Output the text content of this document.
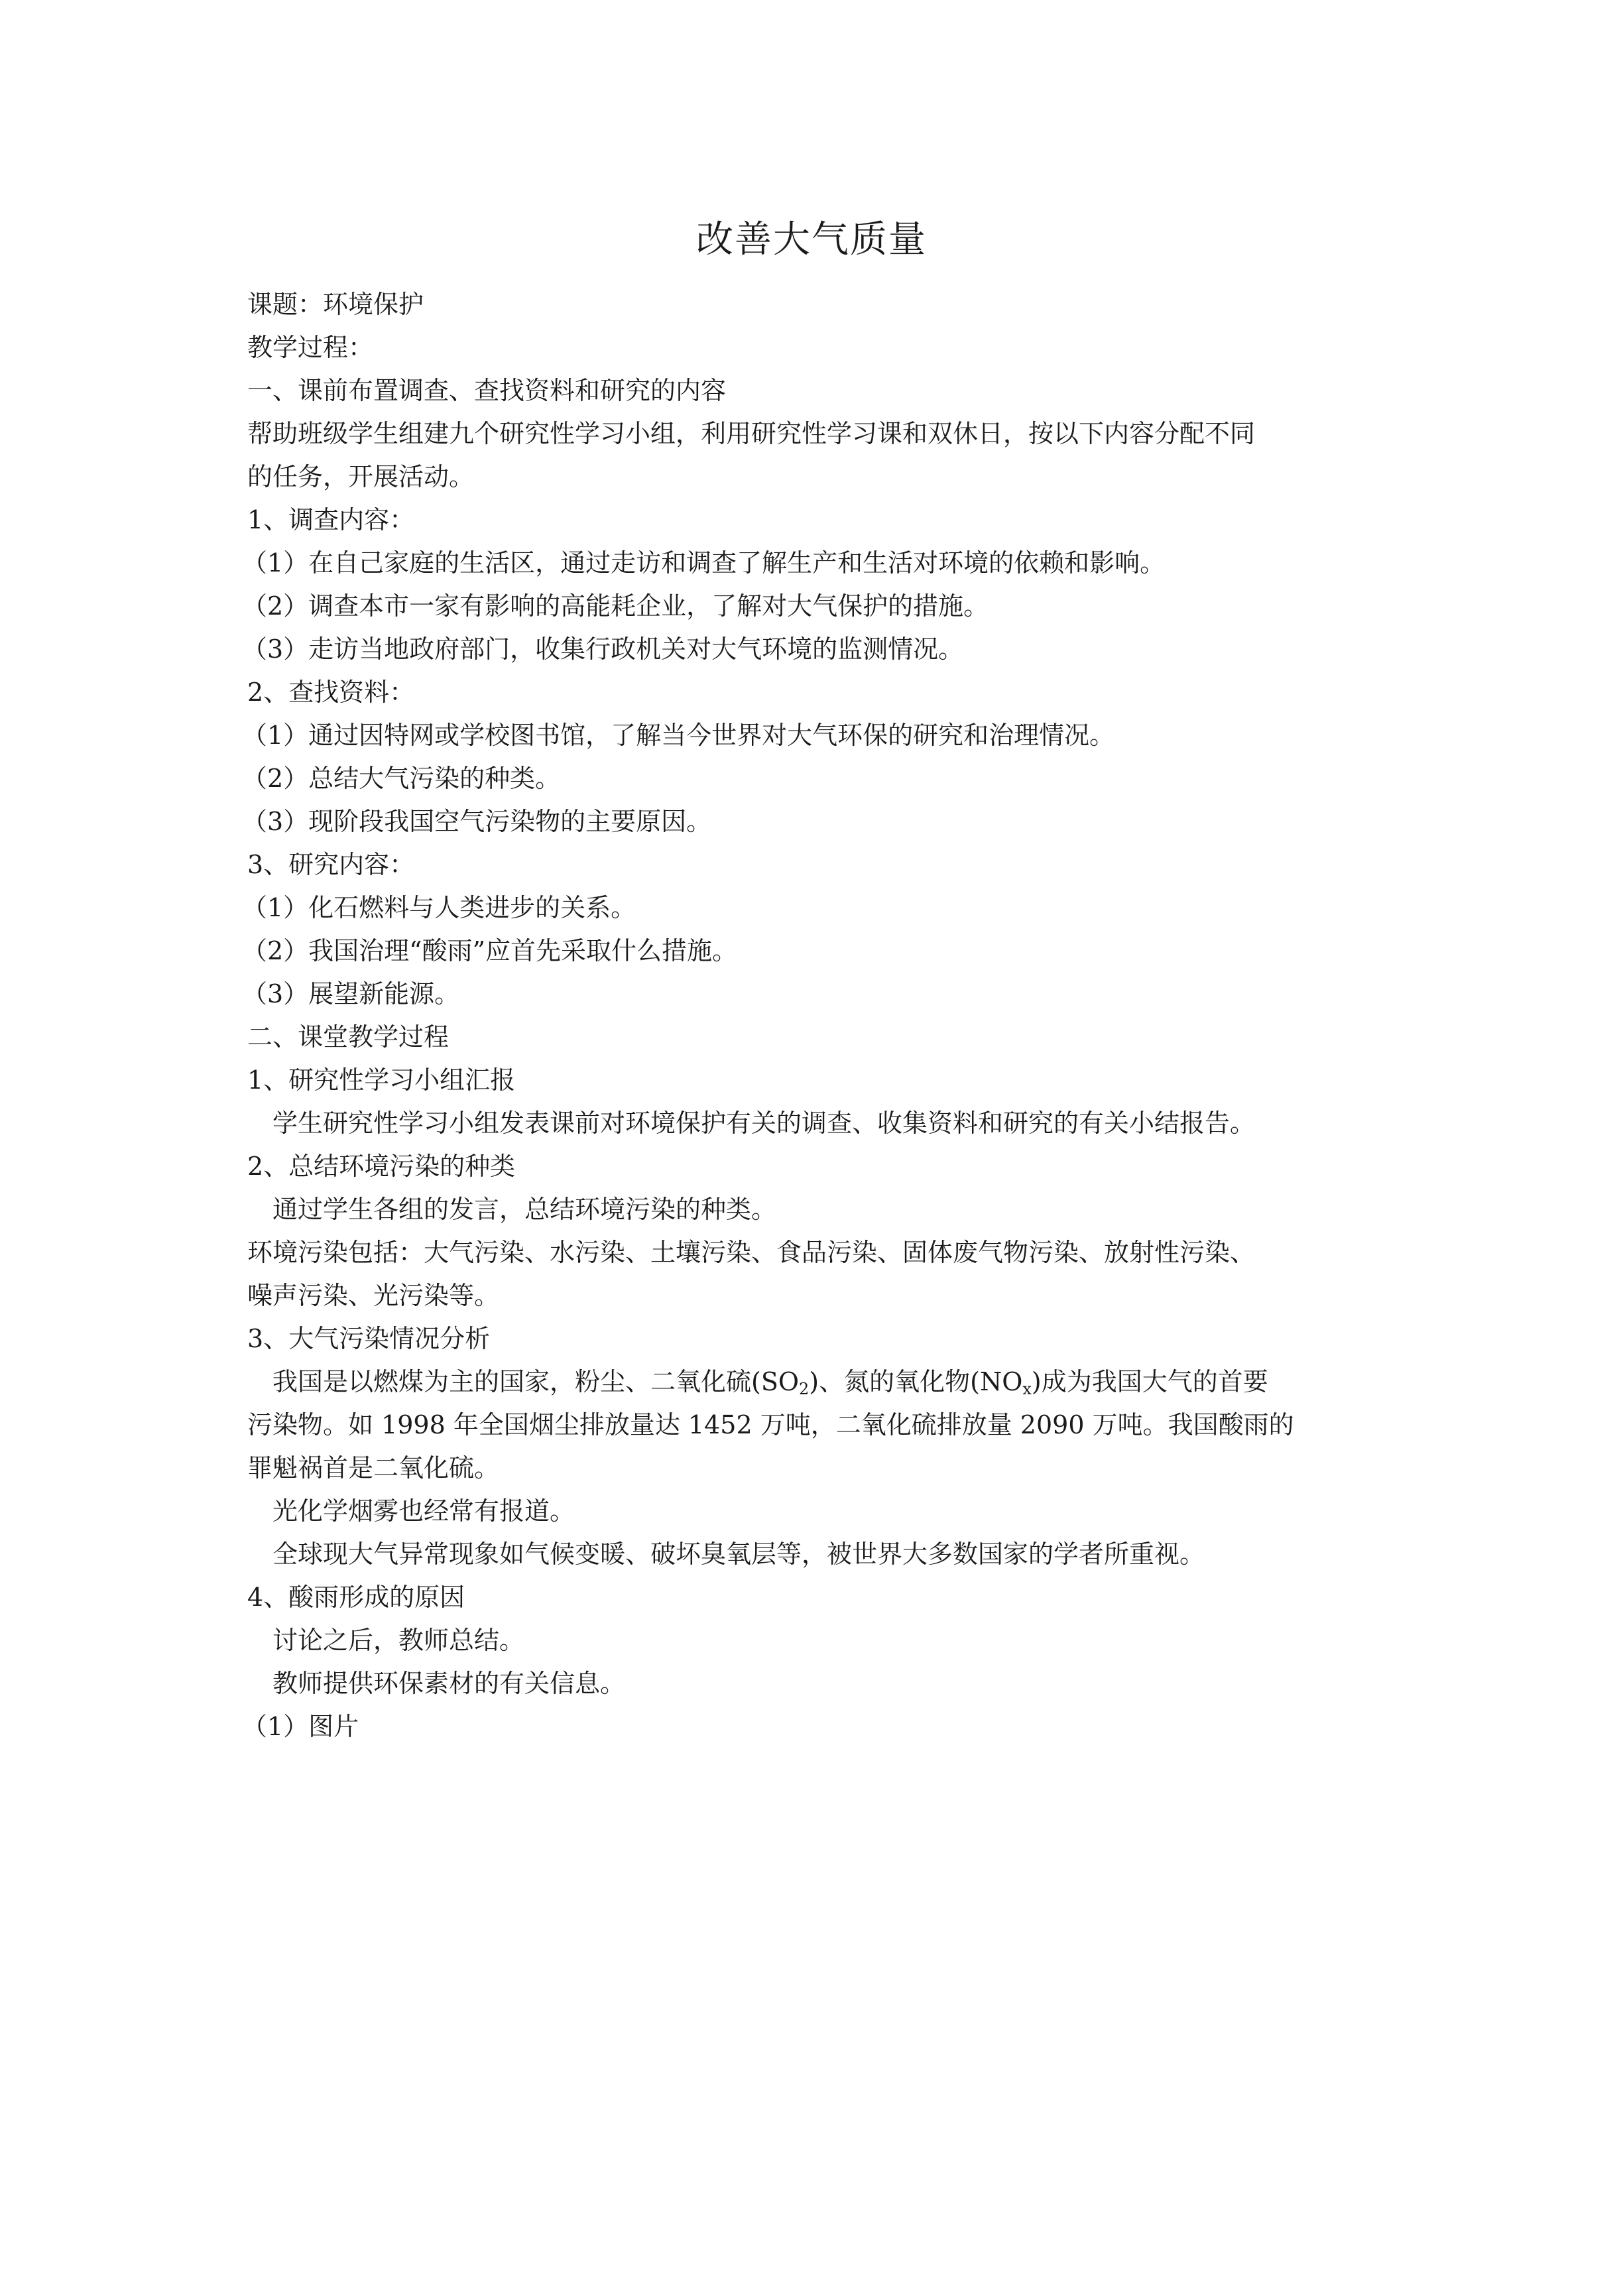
改善大气质量
课题：环境保护
教学过程：
一、课前布置调查、查找资料和研究的内容
帮助班级学生组建九个研究性学习小组，利用研究性学习课和双休日，按以下内容分配不同
的任务，开展活动。
1、调查内容：
（1）在自己家庭的生活区，通过走访和调查了解生产和生活对环境的依赖和影响。
（2）调查本市一家有影响的高能耗企业，了解对大气保护的措施。
（3）走访当地政府部门，收集行政机关对大气环境的监测情况。
2、查找资料：
（1）通过因特网或学校图书馆，了解当今世界对大气环保的研究和治理情况。
（2）总结大气污染的种类。
（3）现阶段我国空气污染物的主要原因。
3、研究内容：
（1）化石燃料与人类进步的关系。
（2）我国治理“酸雨”应首先采取什么措施。
（3）展望新能源。
二、课堂教学过程
1、研究性学习小组汇报
学生研究性学习小组发表课前对环境保护有关的调查、收集资料和研究的有关小结报告。
2、总结环境污染的种类
通过学生各组的发言，总结环境污染的种类。
环境污染包括：大气污染、水污染、土壤污染、食品污染、固体废气物污染、放射性污染、
噪声污染、光污染等。
3、大气污染情况分析
我国是以燃煤为主的国家，粉尘、二氧化硫$(SO_2)$、氮的氧化物$(NO_x)$成为我国大气的首要
污染物。如 1998 年全国烟尘排放量达 1452 万吨，二氧化硫排放量 2090 万吨。我国酸雨的
罪魁祸首是二氧化硫。
光化学烟雾也经常有报道。
全球现大气异常现象如气候变暖、破坏臭氧层等，被世界大多数国家的学者所重视。
4、酸雨形成的原因
讨论之后，教师总结。
教师提供环保素材的有关信息。
（1）图片
